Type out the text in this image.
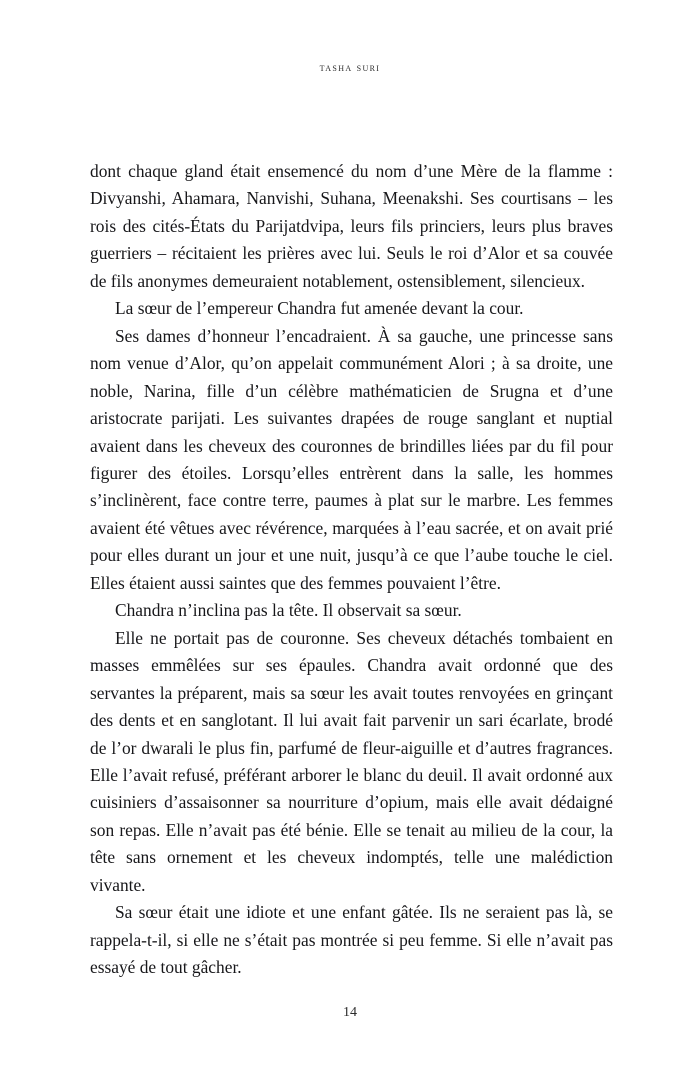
tasha suri

dont chaque gland était ensemencé du nom d’une Mère de la flamme : Divyanshi, Ahamara, Nanvishi, Suhana, Meenakshi. Ses courtisans – les rois des cités-États du Parijatdvipa, leurs fils princiers, leurs plus braves guerriers – récitaient les prières avec lui. Seuls le roi d’Alor et sa couvée de fils anonymes demeuraient notablement, ostensiblement, silencieux.

La sœur de l’empereur Chandra fut amenée devant la cour.

Ses dames d’honneur l’encadraient. À sa gauche, une princesse sans nom venue d’Alor, qu’on appelait communément Alori ; à sa droite, une noble, Narina, fille d’un célèbre mathématicien de Srugna et d’une aristocrate parijati. Les suivantes drapées de rouge sanglant et nuptial avaient dans les cheveux des couronnes de brindilles liées par du fil pour figurer des étoiles. Lorsqu’elles entrèrent dans la salle, les hommes s’inclinèrent, face contre terre, paumes à plat sur le marbre. Les femmes avaient été vêtues avec révérence, marquées à l’eau sacrée, et on avait prié pour elles durant un jour et une nuit, jusqu’à ce que l’aube touche le ciel. Elles étaient aussi saintes que des femmes pouvaient l’être.

Chandra n’inclina pas la tête. Il observait sa sœur.

Elle ne portait pas de couronne. Ses cheveux détachés tombaient en masses emmêlées sur ses épaules. Chandra avait ordonné que des servantes la préparent, mais sa sœur les avait toutes renvoyées en grinçant des dents et en sanglotant. Il lui avait fait parvenir un sari écarlate, brodé de l’or dwarali le plus fin, parfumé de fleur-aiguille et d’autres fragrances. Elle l’avait refusé, préférant arborer le blanc du deuil. Il avait ordonné aux cuisiniers d’assaisonner sa nourriture d’opium, mais elle avait dédaigné son repas. Elle n’avait pas été bénie. Elle se tenait au milieu de la cour, la tête sans ornement et les cheveux indomptés, telle une malédiction vivante.

Sa sœur était une idiote et une enfant gâtée. Ils ne seraient pas là, se rappela-t-il, si elle ne s’était pas montrée si peu femme. Si elle n’avait pas essayé de tout gâcher.

14
